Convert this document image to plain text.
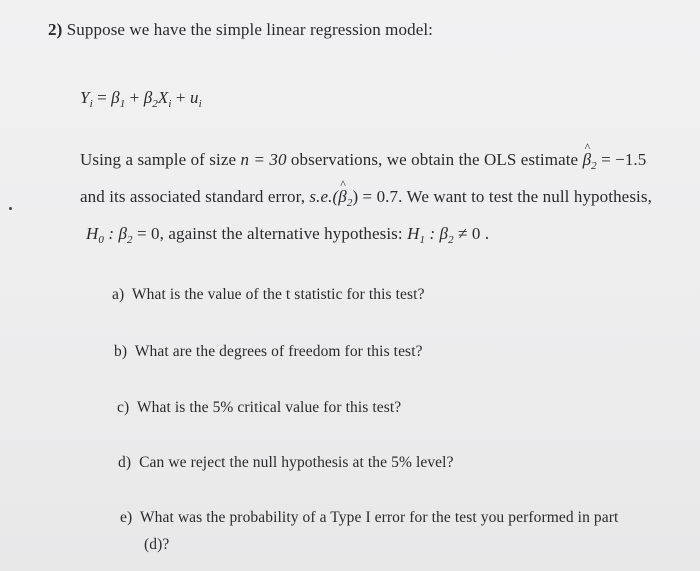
2) Suppose we have the simple linear regression model:
$Y_i = \beta_1 + \beta_2X_i + u_i$
Using a sample of size n = 30 observations, we obtain the OLS estimate ^ $\beta_2 = -1.5$
and its associated standard error, s.e.(^ $\beta_2) = 0.7$. We want to test the null hypothesis,
$H_0$ : $\beta_2 = 0$, against the alternative hypothesis: $H_1$ : $\beta_2 \ne 0$ .
a) What is the value of the t statistic for this test?
b) What are the degrees of freedom for this test?
c) What is the 5% critical value for this test?
d) Can we reject the null hypothesis at the 5% level?
e) What was the probability of a Type I error for the test you performed in part
(d)?
